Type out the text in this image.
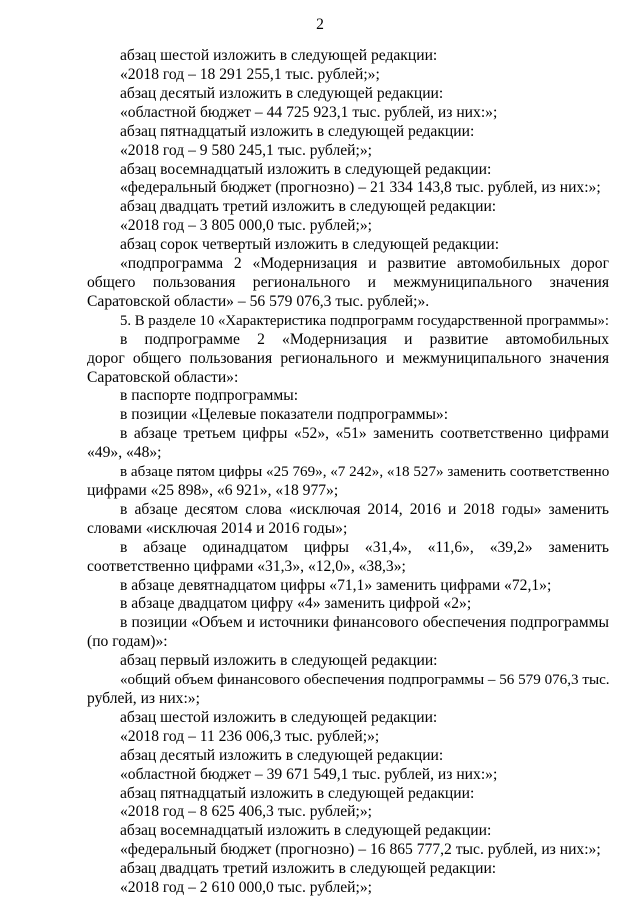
2
абзац шестой изложить в следующей редакции:
«2018 год – 18 291 255,1 тыс. рублей;»;
абзац десятый изложить в следующей редакции:
«областной бюджет – 44 725 923,1 тыс. рублей, из них:»;
абзац пятнадцатый изложить в следующей редакции:
«2018 год – 9 580 245,1 тыс. рублей;»;
абзац восемнадцатый изложить в следующей редакции:
«федеральный бюджет (прогнозно) – 21 334 143,8 тыс. рублей, из них:»;
абзац двадцать третий изложить в следующей редакции:
«2018 год – 3 805 000,0 тыс. рублей;»;
абзац сорок четвертый изложить в следующей редакции:
«подпрограмма 2 «Модернизация и развитие автомобильных дорог
общего пользования регионального и межмуниципального значения
Саратовской области» – 56 579 076,3 тыс. рублей;».
5. В разделе 10 «Характеристика подпрограмм государственной программы»:
в подпрограмме 2 «Модернизация и развитие автомобильных
дорог общего пользования регионального и межмуниципального значения
Саратовской области»:
в паспорте подпрограммы:
в позиции «Целевые показатели подпрограммы»:
в абзаце третьем цифры «52», «51» заменить соответственно цифрами
«49», «48»;
в абзаце пятом цифры «25 769», «7 242», «18 527» заменить соответственно
цифрами «25 898», «6 921», «18 977»;
в абзаце десятом слова «исключая 2014, 2016 и 2018 годы» заменить
словами «исключая 2014 и 2016 годы»;
в абзаце одинадцатом цифры «31,4», «11,6», «39,2» заменить
соответственно цифрами «31,3», «12,0», «38,3»;
в абзаце девятнадцатом цифры «71,1» заменить цифрами «72,1»;
в абзаце двадцатом цифру «4» заменить цифрой «2»;
в позиции «Объем и источники финансового обеспечения подпрограммы
(по годам)»:
абзац первый изложить в следующей редакции:
«общий объем финансового обеспечения подпрограммы – 56 579 076,3 тыс.
рублей, из них:»;
абзац шестой изложить в следующей редакции:
«2018 год – 11 236 006,3 тыс. рублей;»;
абзац десятый изложить в следующей редакции:
«областной бюджет – 39 671 549,1 тыс. рублей, из них:»;
абзац пятнадцатый изложить в следующей редакции:
«2018 год – 8 625 406,3 тыс. рублей;»;
абзац восемнадцатый изложить в следующей редакции:
«федеральный бюджет (прогнозно) – 16 865 777,2 тыс. рублей, из них:»;
абзац двадцать третий изложить в следующей редакции:
«2018 год – 2 610 000,0 тыс. рублей;»;
